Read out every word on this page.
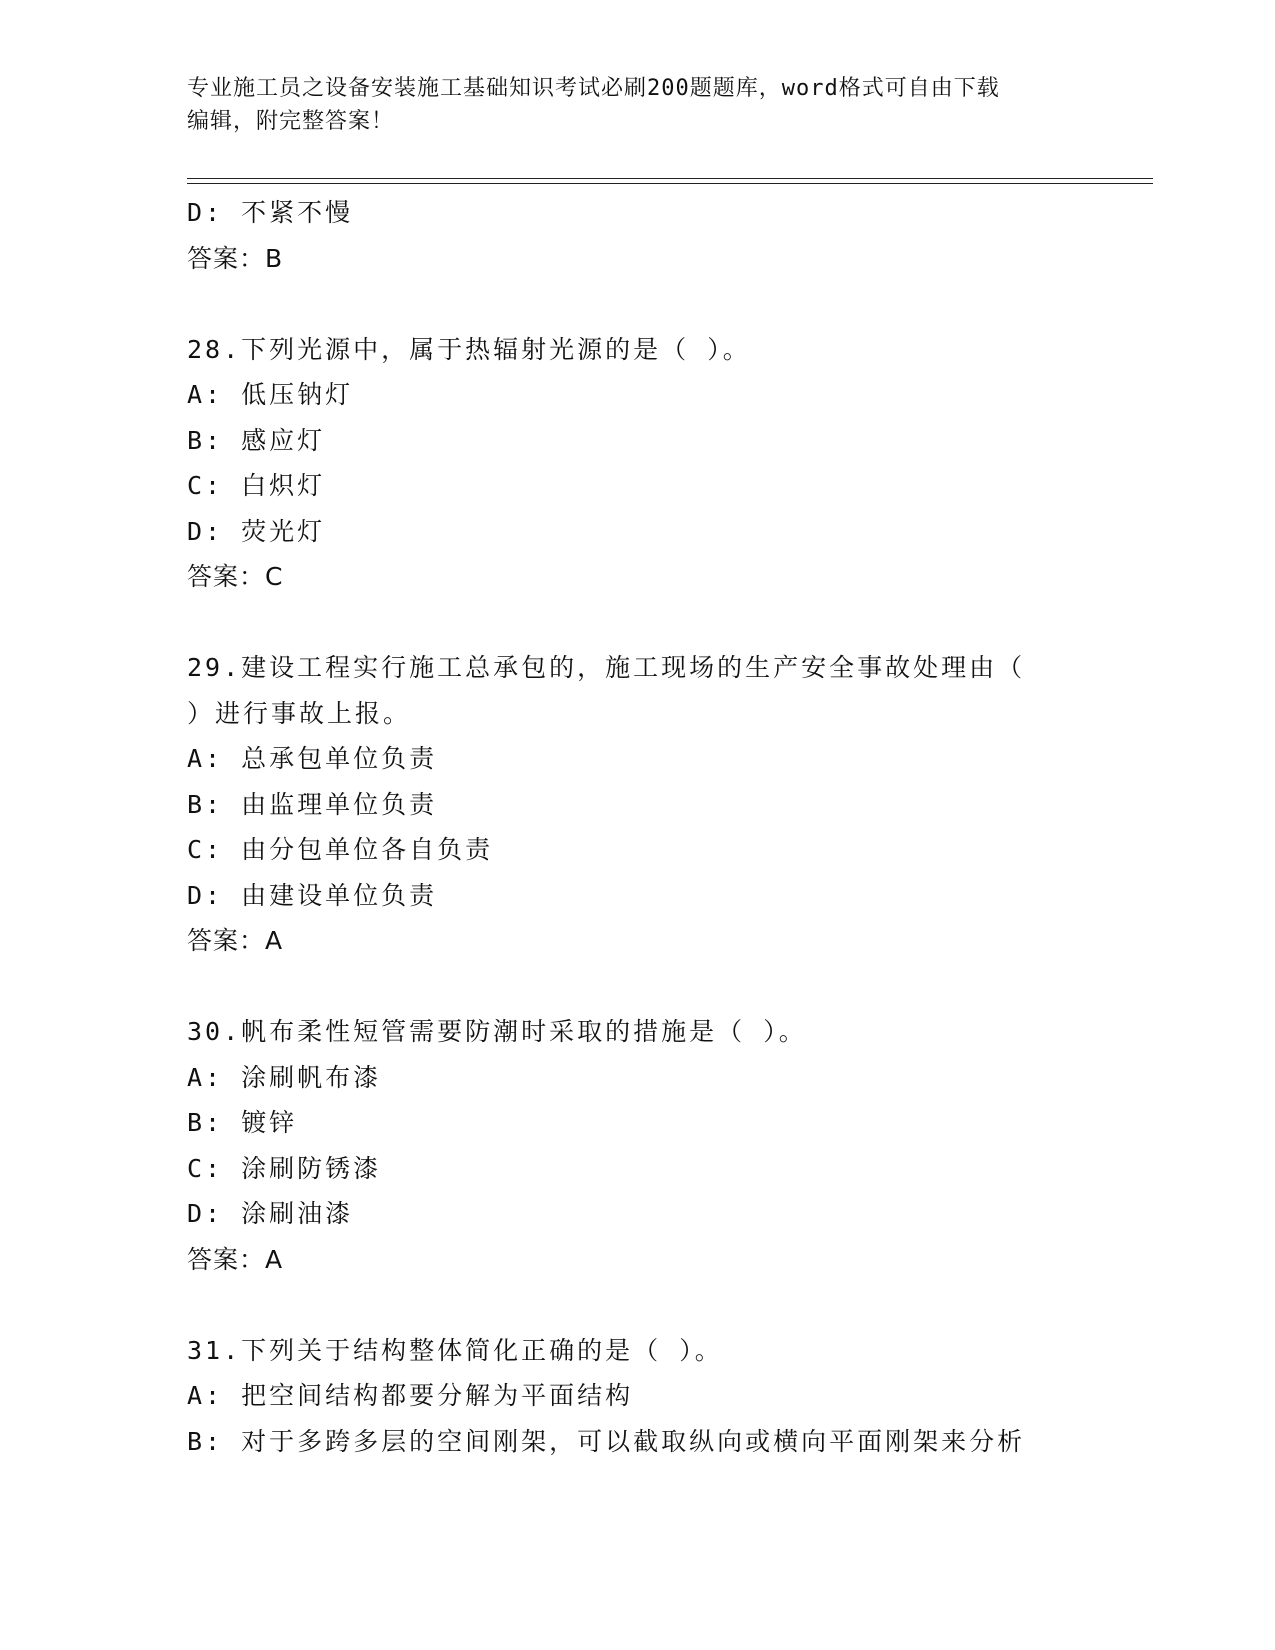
专业施工员之设备安装施工基础知识考试必刷200题题库，word格式可自由下载
编辑，附完整答案！
D: 不紧不慢
答案：B
28.下列光源中，属于热辐射光源的是（ ）。
A: 低压钠灯
B: 感应灯
C: 白炽灯
D: 荧光灯
答案：C
29.建设工程实行施工总承包的，施工现场的生产安全事故处理由（
）进行事故上报。
A: 总承包单位负责
B: 由监理单位负责
C: 由分包单位各自负责
D: 由建设单位负责
答案：A
30.帆布柔性短管需要防潮时采取的措施是（ ）。
A: 涂刷帆布漆
B: 镀锌
C: 涂刷防锈漆
D: 涂刷油漆
答案：A
31.下列关于结构整体简化正确的是（ ）。
A: 把空间结构都要分解为平面结构
B: 对于多跨多层的空间刚架，可以截取纵向或横向平面刚架来分析
